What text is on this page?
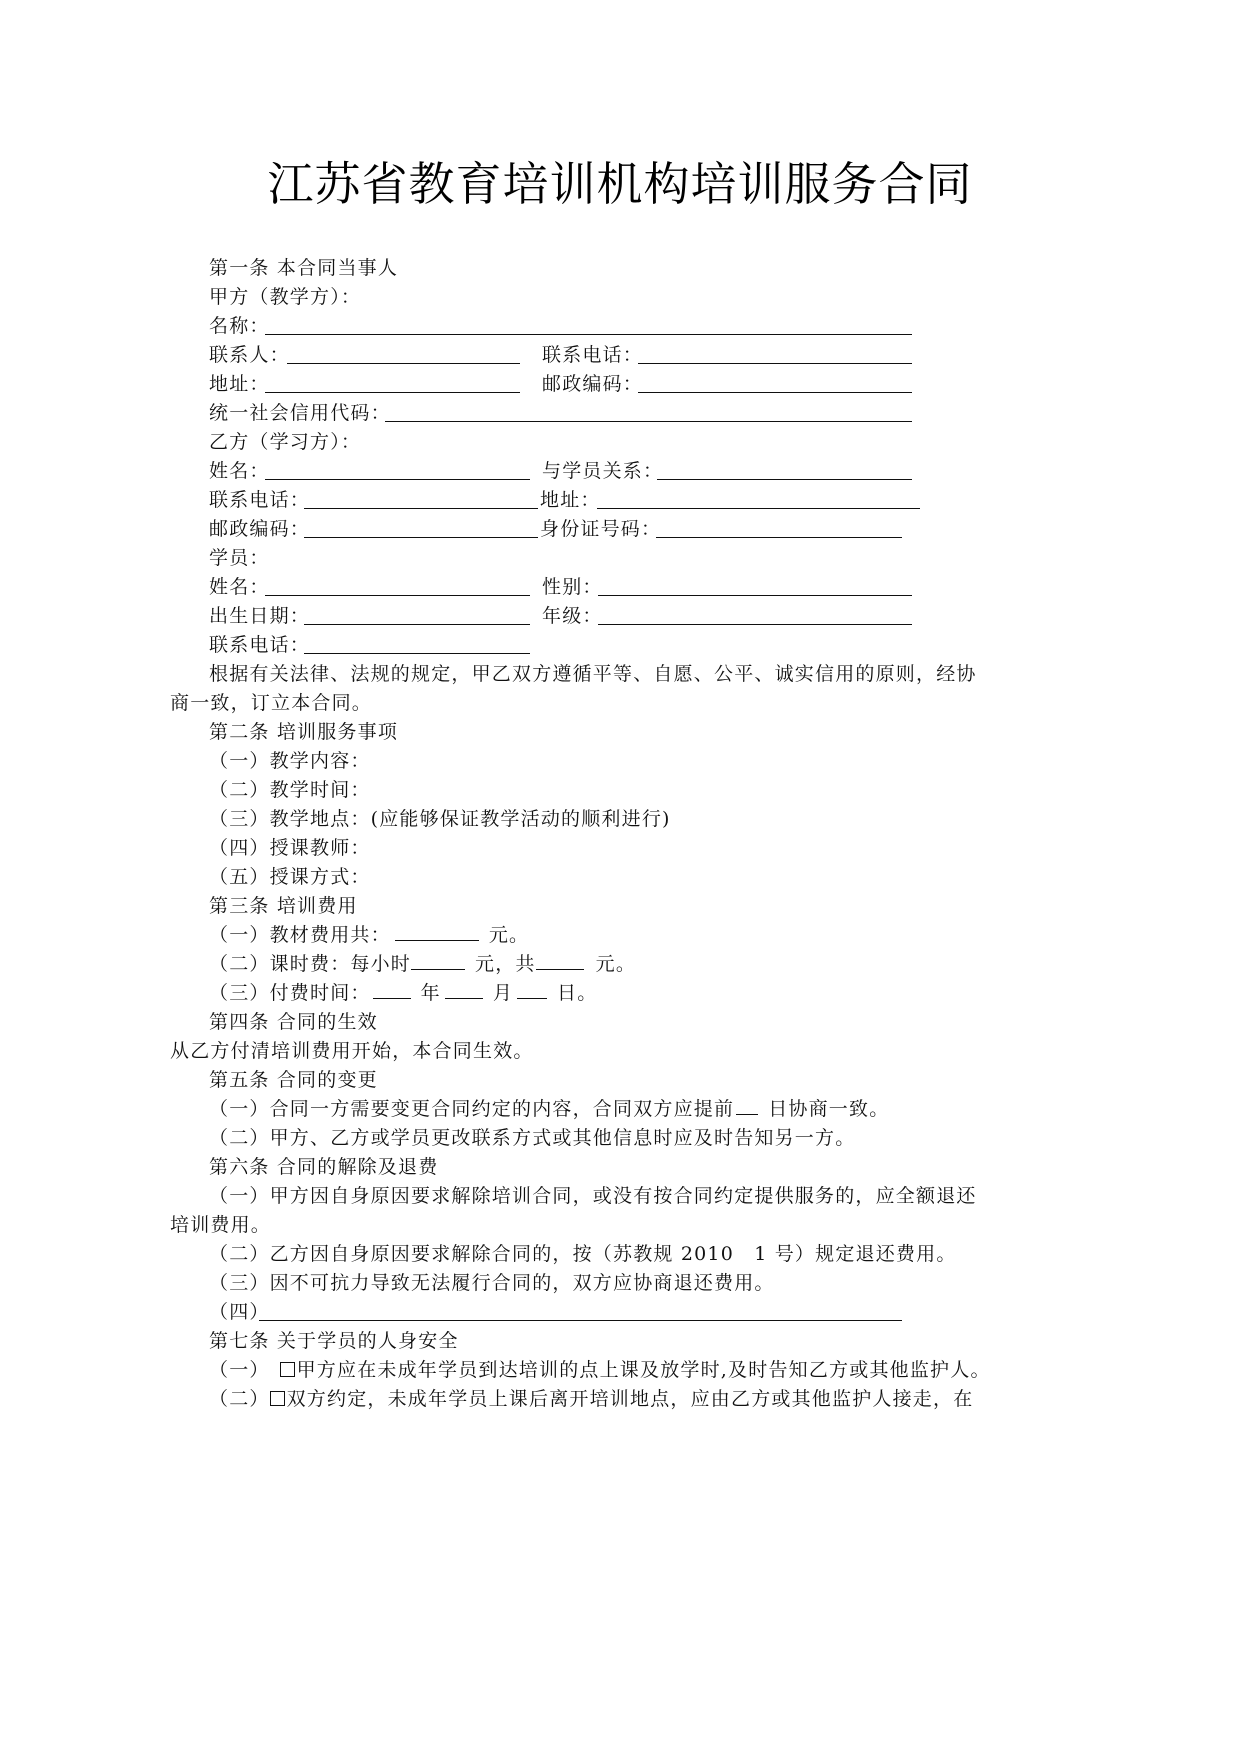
江苏省教育培训机构培训服务合同
第一条 本合同当事人
甲方（教学方）：
名称：
联系人：	联系电话：
地址：	邮政编码：
统一社会信用代码：
乙方（学习方）：
姓名：	与学员关系：
联系电话：	地址：
邮政编码：	身份证号码：
学员：
姓名：	性别：
出生日期：	年级：
联系电话：
根据有关法律、法规的规定，甲乙双方遵循平等、自愿、公平、诚实信用的原则，经协
商一致，订立本合同。
第二条 培训服务事项
（一）教学内容：
（二）教学时间：
（三）教学地点：(应能够保证教学活动的顺利进行)
（四）授课教师：
（五）授课方式：
第三条 培训费用
（一）教材费用共：	元。
（二）课时费：每小时	元，共	元。
（三）付费时间：	年	月 日。
第四条 合同的生效
从乙方付清培训费用开始，本合同生效。
第五条 合同的变更
（一）合同一方需要变更合同约定的内容，合同双方应提前 日协商一致。
（二）甲方、乙方或学员更改联系方式或其他信息时应及时告知另一方。
第六条 合同的解除及退费
（一）甲方因自身原因要求解除培训合同，或没有按合同约定提供服务的，应全额退还
培训费用。
（二）乙方因自身原因要求解除合同的，按（苏教规 2010　1 号）规定退还费用。
（三）因不可抗力导致无法履行合同的，双方应协商退还费用。
（四）
第七条 关于学员的人身安全
（一） 甲方应在未成年学员到达培训的点上课及放学时,及时告知乙方或其他监护人。
（二） 双方约定，未成年学员上课后离开培训地点，应由乙方或其他监护人接走，在
